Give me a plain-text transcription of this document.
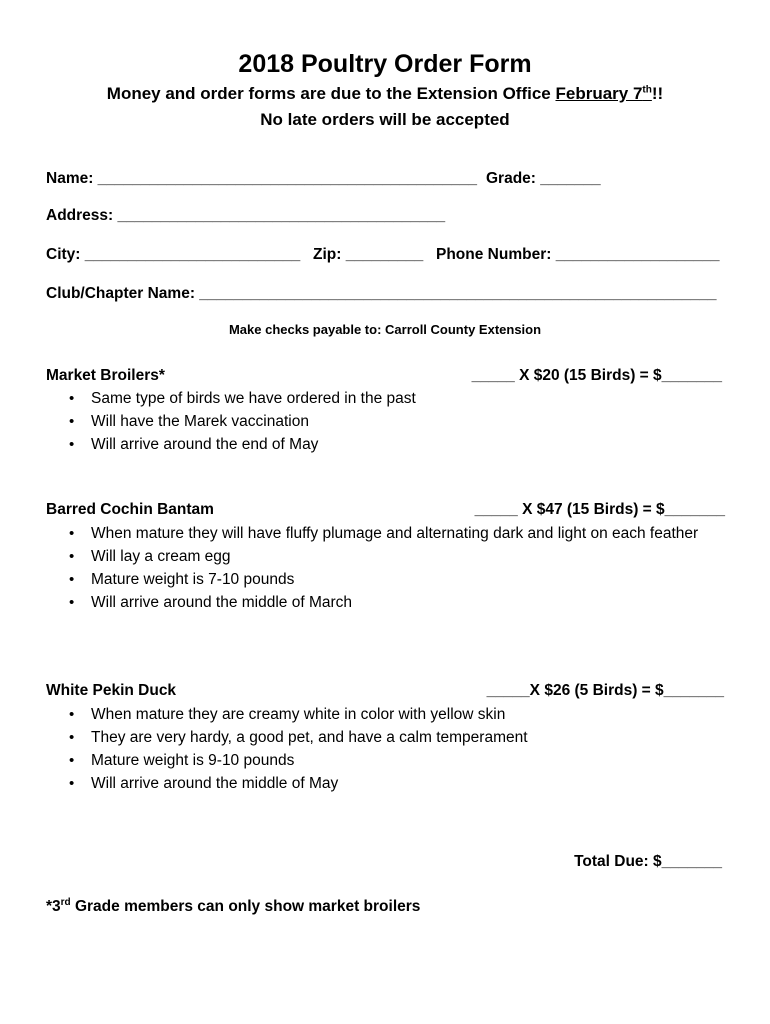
2018 Poultry Order Form
Money and order forms are due to the Extension Office February 7th!!
No late orders will be accepted
Name: ____________________________________________ Grade: _______
Address: ______________________________________
City: _________________________ Zip: _________ Phone Number: ___________________
Club/Chapter Name: ____________________________________________________________
Make checks payable to: Carroll County Extension
Market Broilers*	_____ X $20 (15 Birds) = $_______
• Same type of birds we have ordered in the past
• Will have the Marek vaccination
• Will arrive around the end of May
Barred Cochin Bantam	_____ X $47 (15 Birds) = $_______
• When mature they will have fluffy plumage and alternating dark and light on each feather
• Will lay a cream egg
• Mature weight is 7-10 pounds
• Will arrive around the middle of March
White Pekin Duck	_____X $26 (5 Birds) = $_______
• When mature they are creamy white in color with yellow skin
• They are very hardy, a good pet, and have a calm temperament
• Mature weight is 9-10 pounds
• Will arrive around the middle of May
Total Due: $_______
*3rd Grade members can only show market broilers
